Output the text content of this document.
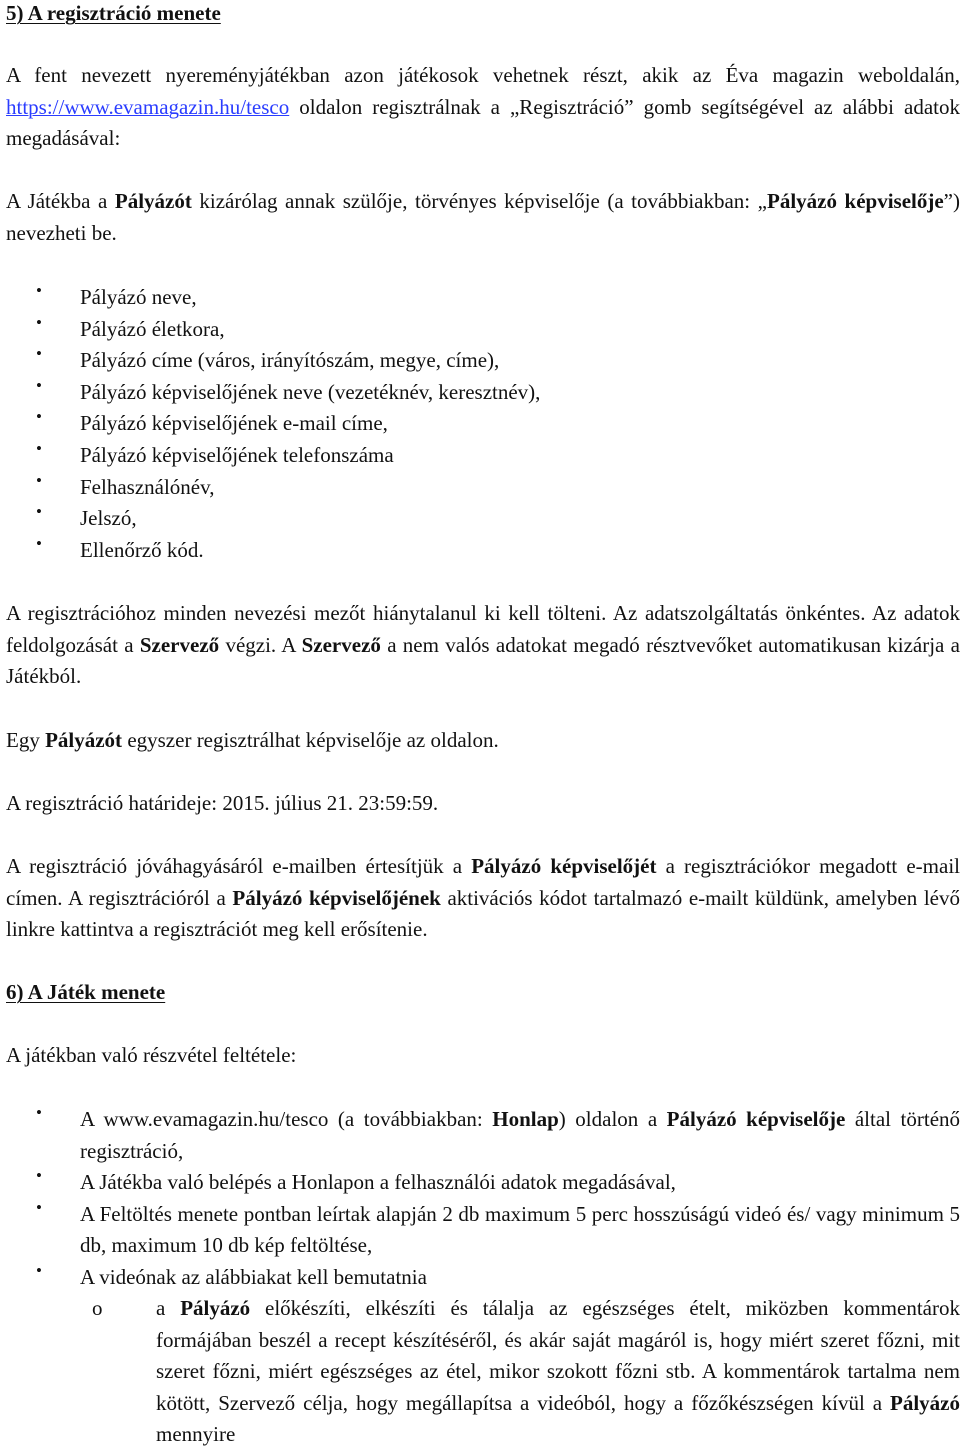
5) A regisztráció menete

A fent nevezett nyereményjátékban azon játékosok vehetnek részt, akik az Éva magazin weboldalán, https://www.evamagazin.hu/tesco oldalon regisztrálnak a „Regisztráció” gomb segítségével az alábbi adatok megadásával:

A Játékba a Pályázót kizárólag annak szülője, törvényes képviselője (a továbbiakban: „Pályázó képviselője”) nevezheti be.

• Pályázó neve,
• Pályázó életkora,
• Pályázó címe (város, irányítószám, megye, címe),
• Pályázó képviselőjének neve (vezetéknév, keresztnév),
• Pályázó képviselőjének e-mail címe,
• Pályázó képviselőjének telefonszáma
• Felhasználónév,
• Jelszó,
• Ellenőrző kód.

A regisztrációhoz minden nevezési mezőt hiánytalanul ki kell tölteni. Az adatszolgáltatás önkéntes. Az adatok feldolgozását a Szervező végzi. A Szervező a nem valós adatokat megadó résztvevőket automatikusan kizárja a Játékból.

Egy Pályázót egyszer regisztrálhat képviselője az oldalon.

A regisztráció határideje: 2015. július 21. 23:59:59.

A regisztráció jóváhagyásáról e-mailben értesítjük a Pályázó képviselőjét a regisztrációkor megadott e-mail címen. A regisztrációról a Pályázó képviselőjének aktivációs kódot tartalmazó e-mailt küldünk, amelyben lévő linkre kattintva a regisztrációt meg kell erősítenie.

6) A Játék menete

A játékban való részvétel feltétele:

• A www.evamagazin.hu/tesco (a továbbiakban: Honlap) oldalon a Pályázó képviselője által történő regisztráció,
• A Játékba való belépés a Honlapon a felhasználói adatok megadásával,
• A Feltöltés menete pontban leírtak alapján 2 db maximum 5 perc hosszúságú videó és/ vagy minimum 5 db, maximum 10 db kép feltöltése,
• A videónak az alábbiakat kell bemutatnia
o	a Pályázó előkészíti, elkészíti és tálalja az egészséges ételt, miközben kommentárok formájában beszél a recept készítéséről, és akár saját magáról is, hogy miért szeret főzni, mit szeret főzni, miért egészséges az étel, mikor szokott főzni stb. A kommentárok tartalma nem kötött, Szervező célja, hogy megállapítsa a videóból, hogy a főzőkészségen kívül a Pályázó mennyire
